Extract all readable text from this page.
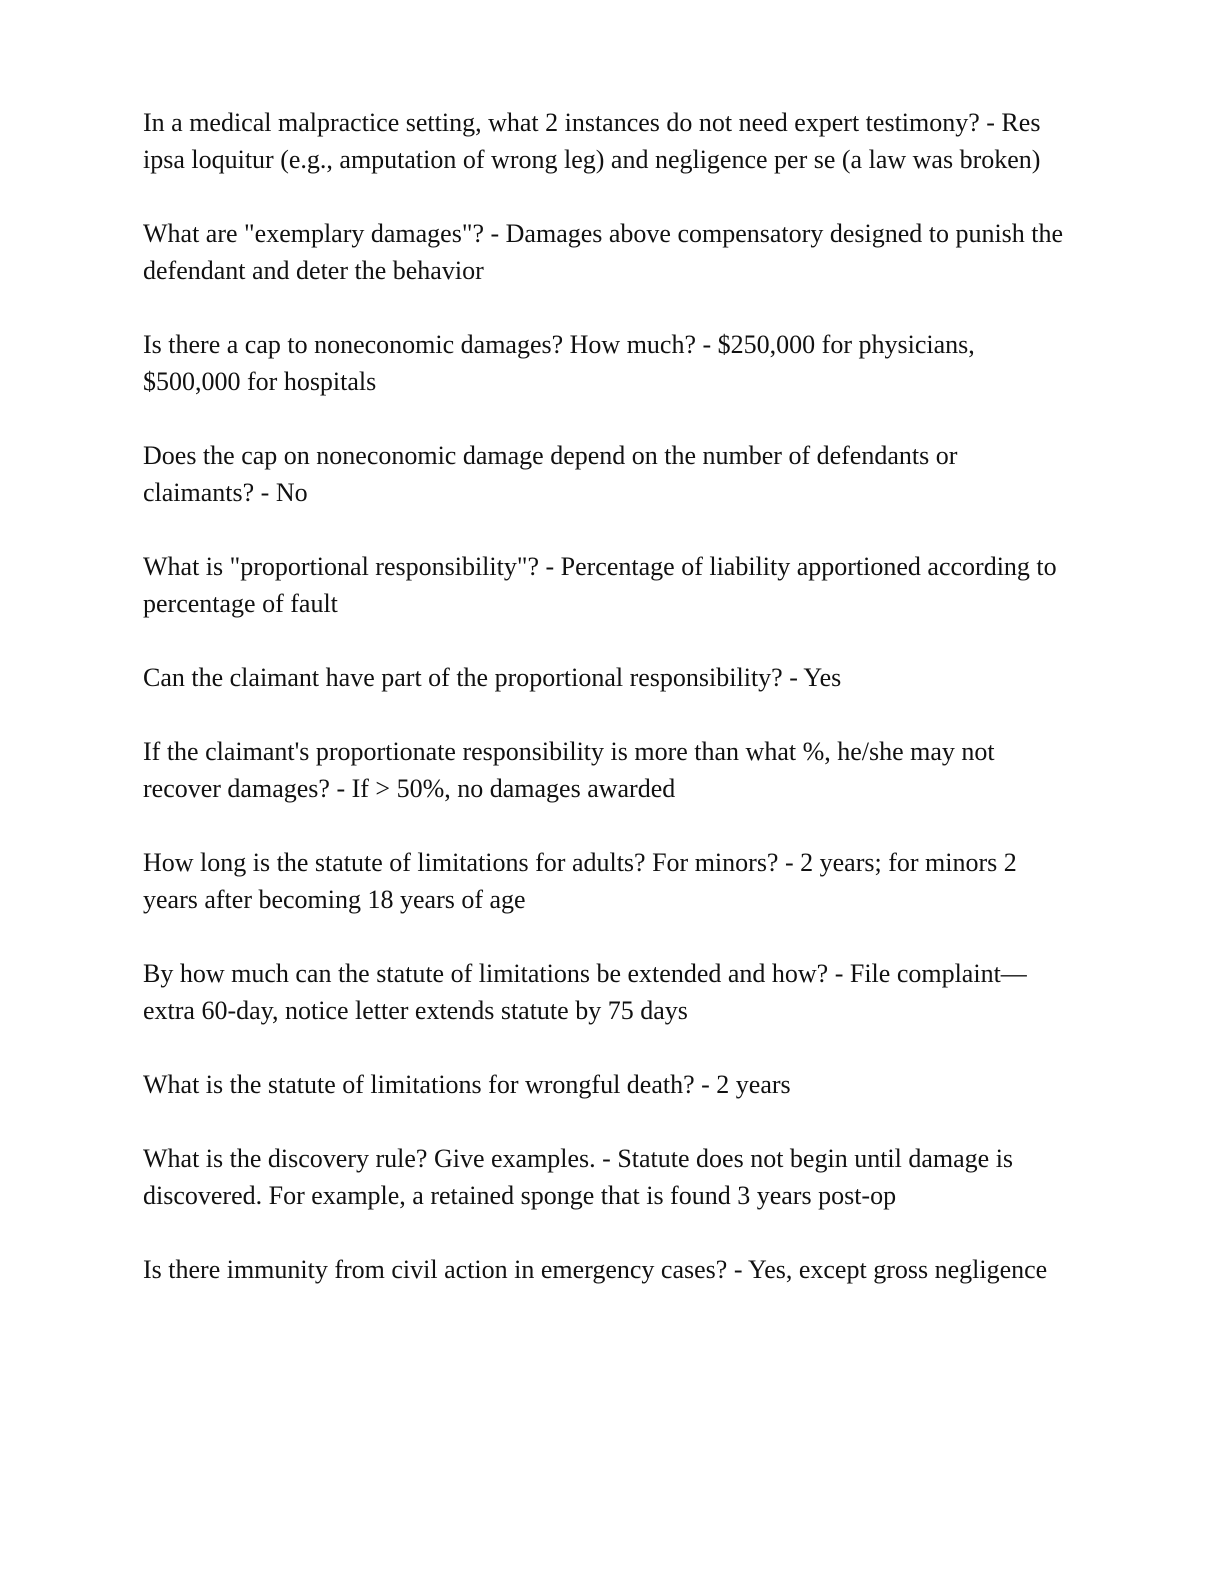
In a medical malpractice setting, what 2 instances do not need expert testimony? - Res ipsa loquitur (e.g., amputation of wrong leg) and negligence per se (a law was broken)
What are "exemplary damages"? - Damages above compensatory designed to punish the defendant and deter the behavior
Is there a cap to noneconomic damages? How much? - $250,000 for physicians, $500,000 for hospitals
Does the cap on noneconomic damage depend on the number of defendants or claimants? - No
What is "proportional responsibility"? - Percentage of liability apportioned according to percentage of fault
Can the claimant have part of the proportional responsibility? - Yes
If the claimant's proportionate responsibility is more than what %, he/she may not recover damages? - If > 50%, no damages awarded
How long is the statute of limitations for adults? For minors? - 2 years; for minors 2 years after becoming 18 years of age
By how much can the statute of limitations be extended and how? - File complaint—extra 60-day, notice letter extends statute by 75 days
What is the statute of limitations for wrongful death? - 2 years
What is the discovery rule? Give examples. - Statute does not begin until damage is discovered. For example, a retained sponge that is found 3 years post-op
Is there immunity from civil action in emergency cases? - Yes, except gross negligence
